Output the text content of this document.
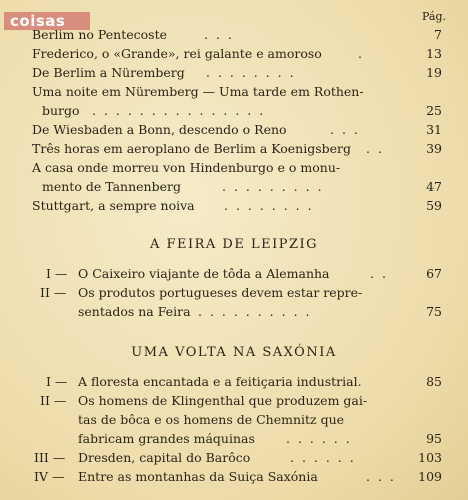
coisas	Pág.
Berlim no Pentecoste	. . .	7
Frederico, o «Grande», rei galante e amoroso	.	13
De Berlim a Nüremberg . . . . . . . .	19
Uma noite em Nüremberg — Uma tarde em Rothen-
burgo . . . . . . . . . . . . . . .	25
De Wiesbaden a Bonn, descendo o Reno	. . .	31
Três horas em aeroplano de Berlim a Koenigsberg . .	39
A casa onde morreu von Hindenburgo e o monu-
mento de Tannenberg	. . . . . . . . .	47
Stuttgart, a sempre noiva . . . . . . . .	59
A FEIRA DE LEIPZIG
I — O Caixeiro viajante de tôda a Alemanha	. .	67
II — Os produtos portugueses devem estar repre-
sentados na Feira . . . . . . . . . .	75
UMA VOLTA NA SAXÓNIA
I — A floresta encantada e a feitiçaria industrial.	85
II — Os homens de Klingenthal que produzem gai-
tas de bôca e os homens de Chemnitz que
fabricam grandes máquinas . . . . . .	95
III — Dresden, capital do Barôco	. . . . . .	103
IV — Entre as montanhas da Suiça Saxónia	. . . 109
